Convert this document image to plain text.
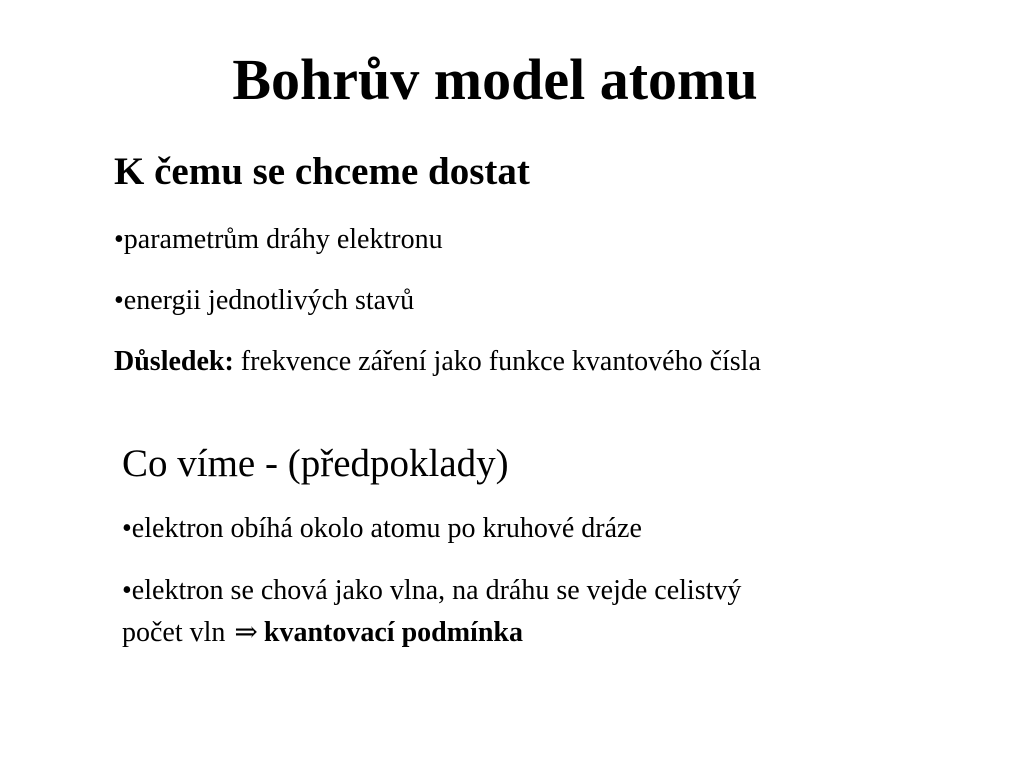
Bohrův model atomu
K čemu se chceme dostat

•parametrům dráhy elektronu

•energii jednotlivých stavů

Důsledek: frekvence záření jako funkce kvantového čísla

Co víme - (předpoklady)

•elektron obíhá okolo atomu po kruhové dráze

•elektron se chová jako vlna, na dráhu se vejde celistvý

počet vln ⇒ kvantovací podmínka
